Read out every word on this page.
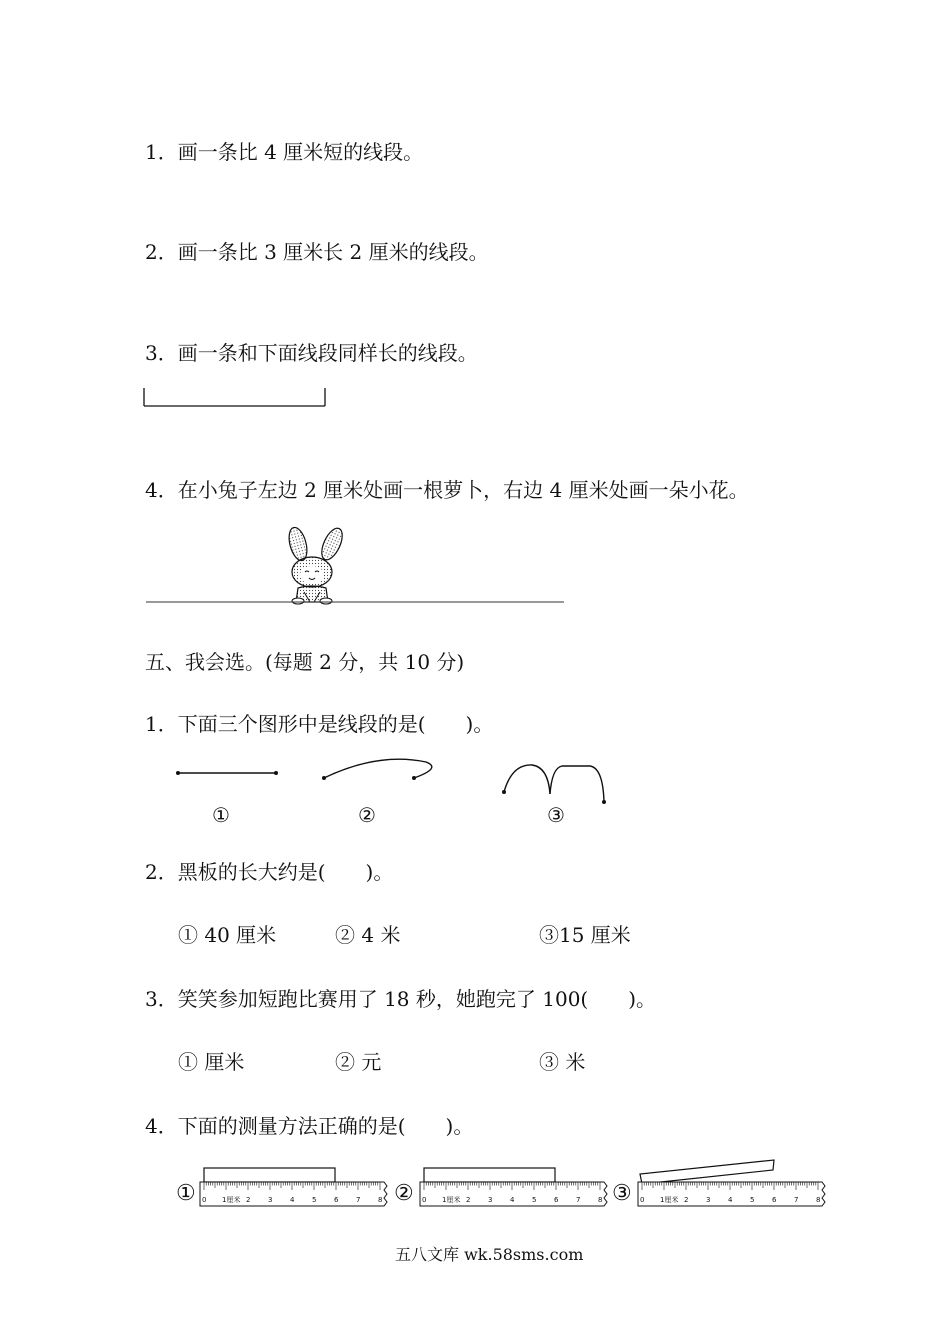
1．画一条比 4 厘米短的线段。
2．画一条比 3 厘米长 2 厘米的线段。
3．画一条和下面线段同样长的线段。
4．在小兔子左边 2 厘米处画一根萝卜，右边 4 厘米处画一朵小花。
五、我会选。(每题 2 分，共 10 分)
1．下面三个图形中是线段的是(　　)。
①	②	③
2．黑板的长大约是(　　)。
① 40 厘米	② 4 米	③15 厘米
3．笑笑参加短跑比赛用了 18 秒，她跑完了 100(　　)。
① 厘米	② 元	③ 米
4．下面的测量方法正确的是(　　)。
①	②	③
0 1厘米 2	3	4	5	6	7	8	0 1厘米 2	3	4	5	6	7	8	0 1厘米 2	3	4	5	6	7	8
五八文库 wk.58sms.com
